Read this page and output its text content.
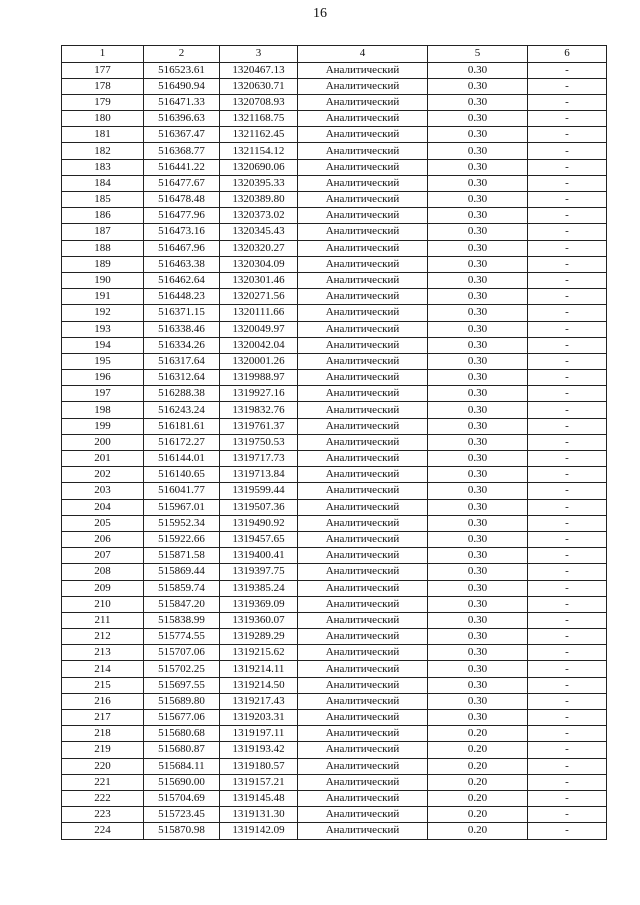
16
1	2	3	4	5	6
177	516523.61	1320467.13	Аналитический	0.30	-
178	516490.94	1320630.71	Аналитический	0.30	-
179	516471.33	1320708.93	Аналитический	0.30	-
180	516396.63	1321168.75	Аналитический	0.30	-
181	516367.47	1321162.45	Аналитический	0.30	-
182	516368.77	1321154.12	Аналитический	0.30	-
183	516441.22	1320690.06	Аналитический	0.30	-
184	516477.67	1320395.33	Аналитический	0.30	-
185	516478.48	1320389.80	Аналитический	0.30	-
186	516477.96	1320373.02	Аналитический	0.30	-
187	516473.16	1320345.43	Аналитический	0.30	-
188	516467.96	1320320.27	Аналитический	0.30	-
189	516463.38	1320304.09	Аналитический	0.30	-
190	516462.64	1320301.46	Аналитический	0.30	-
191	516448.23	1320271.56	Аналитический	0.30	-
192	516371.15	1320111.66	Аналитический	0.30	-
193	516338.46	1320049.97	Аналитический	0.30	-
194	516334.26	1320042.04	Аналитический	0.30	-
195	516317.64	1320001.26	Аналитический	0.30	-
196	516312.64	1319988.97	Аналитический	0.30	-
197	516288.38	1319927.16	Аналитический	0.30	-
198	516243.24	1319832.76	Аналитический	0.30	-
199	516181.61	1319761.37	Аналитический	0.30	-
200	516172.27	1319750.53	Аналитический	0.30	-
201	516144.01	1319717.73	Аналитический	0.30	-
202	516140.65	1319713.84	Аналитический	0.30	-
203	516041.77	1319599.44	Аналитический	0.30	-
204	515967.01	1319507.36	Аналитический	0.30	-
205	515952.34	1319490.92	Аналитический	0.30	-
206	515922.66	1319457.65	Аналитический	0.30	-
207	515871.58	1319400.41	Аналитический	0.30	-
208	515869.44	1319397.75	Аналитический	0.30	-
209	515859.74	1319385.24	Аналитический	0.30	-
210	515847.20	1319369.09	Аналитический	0.30	-
211	515838.99	1319360.07	Аналитический	0.30	-
212	515774.55	1319289.29	Аналитический	0.30	-
213	515707.06	1319215.62	Аналитический	0.30	-
214	515702.25	1319214.11	Аналитический	0.30	-
215	515697.55	1319214.50	Аналитический	0.30	-
216	515689.80	1319217.43	Аналитический	0.30	-
217	515677.06	1319203.31	Аналитический	0.30	-
218	515680.68	1319197.11	Аналитический	0.20	-
219	515680.87	1319193.42	Аналитический	0.20	-
220	515684.11	1319180.57	Аналитический	0.20	-
221	515690.00	1319157.21	Аналитический	0.20	-
222	515704.69	1319145.48	Аналитический	0.20	-
223	515723.45	1319131.30	Аналитический	0.20	-
224	515870.98	1319142.09	Аналитический	0.20	-
